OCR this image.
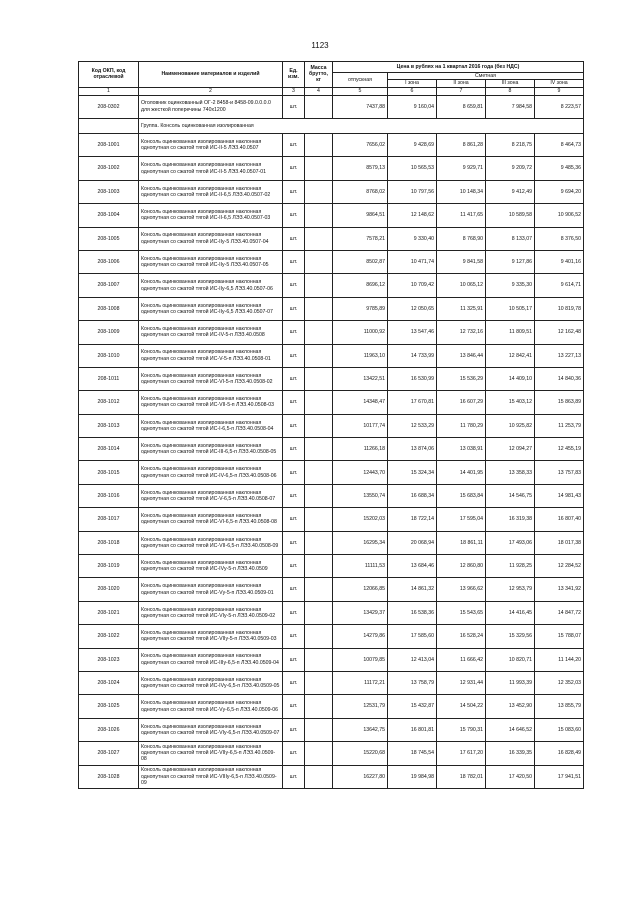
1123
Код ОКП, код отраслевой	Наименование материалов и изделий	Ед. изм.	Масса брутто, кг	Цена в рублях на 1 квартал 2016 года (без НДС)				
				отпускная	Сметная			
					I зона	II зона	III зона	IV зона
1	2	3	4	5	6	7	8	9
208-0302	Оголовник оцинкованный ОГ-2 8458-и 8458-09.0.0.0.0 для жесткой поперечины 740x1200	шт.		7437,88	9 160,04	8 659,81	7 984,58	8 223,57
	Группа. Консоль оцинкованная изолированная							
208-1001	Консоль оцинкованная изолированная наклонная однопутная со сжатой тягой ИС-II-5 ЛЭЗ.40.0507	шт.		7656,02	9 428,69	8 861,28	8 218,75	8 464,73
208-1002	Консоль оцинкованная изолированная наклонная однопутная со сжатой тягой ИС-II-5 ЛЭЗ.40.0507-01	шт.		8579,13	10 565,53	9 929,71	9 209,72	9 485,36
208-1003	Консоль оцинкованная изолированная наклонная однопутная со сжатой тягой ИС-II-6,5 ЛЭЗ.40.0507-02	шт.		8768,02	10 797,56	10 148,34	9 412,49	9 694,20
208-1004	Консоль оцинкованная изолированная наклонная однопутная со сжатой тягой ИС-II-6,5 ЛЭЗ.40.0507-03	шт.		9864,51	12 148,62	11 417,65	10 589,58	10 906,52
208-1005	Консоль оцинкованная изолированная наклонная однопутная со сжатой тягой ИС-IIу-5 ЛЭЗ.40.0507-04	шт.		7578,21	9 330,40	8 768,90	8 133,07	8 376,50
208-1006	Консоль оцинкованная изолированная наклонная однопутная со сжатой тягой ИС-IIу-5 ЛЭЗ.40.0507-05	шт.		8502,87	10 471,74	9 841,58	9 127,86	9 401,16
208-1007	Консоль оцинкованная изолированная наклонная однопутная со сжатой тягой ИС-IIу-6,5 ЛЭЗ.40.0507-06	шт.		8696,12	10 709,42	10 065,12	9 335,30	9 614,71
208-1008	Консоль оцинкованная изолированная наклонная однопутная со сжатой тягой ИС-IIу-6,5 ЛЭЗ.40.0507-07	шт.		9785,89	12 050,65	11 325,91	10 505,17	10 819,78
208-1009	Консоль оцинкованная изолированная наклонная однопутная со сжатой тягой ИС-IV-5-п ЛЭЗ.40.0508	шт.		11000,92	13 547,46	12 732,16	11 809,51	12 162,48
208-1010	Консоль оцинкованная изолированная наклонная однопутная со сжатой тягой ИС-V-5-п ЛЭЗ.40.0508-01	шт.		11963,10	14 733,99	13 846,44	12 842,41	13 227,13
208-1011	Консоль оцинкованная изолированная наклонная однопутная со сжатой тягой ИС-VI-5-п ЛЭЗ.40.0508-02	шт.		13422,51	16 530,99	15 536,29	14 409,10	14 840,36
208-1012	Консоль оцинкованная изолированная наклонная однопутная со сжатой тягой ИС-VII-5-п ЛЭЗ.40.0508-03	шт.		14348,47	17 670,81	16 607,29	15 403,12	15 863,89
208-1013	Консоль оцинкованная изолированная наклонная однопутная со сжатой тягой ИС-I-6,5-п ЛЭЗ.40.0508-04	шт.		10177,74	12 533,29	11 780,29	10 925,82	11 253,79
208-1014	Консоль оцинкованная изолированная наклонная однопутная со сжатой тягой ИС-III-6,5-п ЛЭЗ.40.0508-05	шт.		11266,18	13 874,06	13 038,91	12 094,27	12 455,19
208-1015	Консоль оцинкованная изолированная наклонная однопутная со сжатой тягой ИС-IV-6,5-п ЛЭЗ.40.0508-06	шт.		12443,70	15 324,34	14 401,95	13 358,33	13 757,83
208-1016	Консоль оцинкованная изолированная наклонная однопутная со сжатой тягой ИС-V-6,5-п ЛЭЗ.40.0508-07	шт.		13550,74	16 688,34	15 683,84	14 546,75	14 981,43
208-1017	Консоль оцинкованная изолированная наклонная однопутная со сжатой тягой ИС-VI-6,5-п ЛЭЗ.40.0508-08	шт.		15202,03	18 722,14	17 595,04	16 319,38	16 807,40
208-1018	Консоль оцинкованная изолированная наклонная однопутная со сжатой тягой ИС-VII-6,5-п ЛЭЗ.40.0508-09	шт.		16295,34	20 068,94	18 861,11	17 493,06	18 017,38
208-1019	Консоль оцинкованная изолированная наклонная однопутная со сжатой тягой ИС-IVу-5-п ЛЭЗ.40.0509	шт.		11111,53	13 684,46	12 860,80	11 928,25	12 284,52
208-1020	Консоль оцинкованная изолированная наклонная однопутная со сжатой тягой ИС-Vу-5-п ЛЭЗ.40.0509-01	шт.		12066,85	14 861,32	13 966,62	12 953,79	13 341,92
208-1021	Консоль оцинкованная изолированная наклонная однопутная со сжатой тягой ИС-VIу-5-п ЛЭЗ.40.0509-02	шт.		13429,37	16 538,36	15 543,65	14 416,45	14 847,72
208-1022	Консоль оцинкованная изолированная наклонная однопутная со сжатой тягой ИС-VIIу-5-п ЛЭЗ.40.0509-03	шт.		14279,86	17 585,60	16 528,24	15 329,56	15 788,07
208-1023	Консоль оцинкованная изолированная наклонная однопутная со сжатой тягой ИС-IIIу-6,5-п ЛЭЗ.40.0509-04	шт.		10079,85	12 413,04	11 666,42	10 820,71	11 144,20
208-1024	Консоль оцинкованная изолированная наклонная однопутная со сжатой тягой ИС-IVу-6,5-п ЛЭЗ.40.0509-05	шт.		11172,21	13 758,79	12 931,44	11 993,39	12 352,03
208-1025	Консоль оцинкованная изолированная наклонная однопутная со сжатой тягой ИС-Vу-6,5-п ЛЭЗ.40.0509-06	шт.		12531,79	15 432,87	14 504,22	13 452,90	13 855,79
208-1026	Консоль оцинкованная изолированная наклонная однопутная со сжатой тягой ИС-VIу-6,5-п ЛЭЗ.40.0509-07	шт.		13642,75	16 801,81	15 790,31	14 646,52	15 083,60
208-1027	Консоль оцинкованная изолированная наклонная однопутная со сжатой тягой ИС-VIIу-6,5-п ЛЭЗ.40.0509-08	шт.		15220,68	18 745,54	17 617,20	16 339,35	16 828,49
208-1028	Консоль оцинкованная изолированная наклонная однопутная со сжатой тягой ИС-VIIIу-6,5-п ЛЭЗ.40.0509-09	шт.		16227,80	19 984,98	18 782,01	17 420,50	17 941,51
